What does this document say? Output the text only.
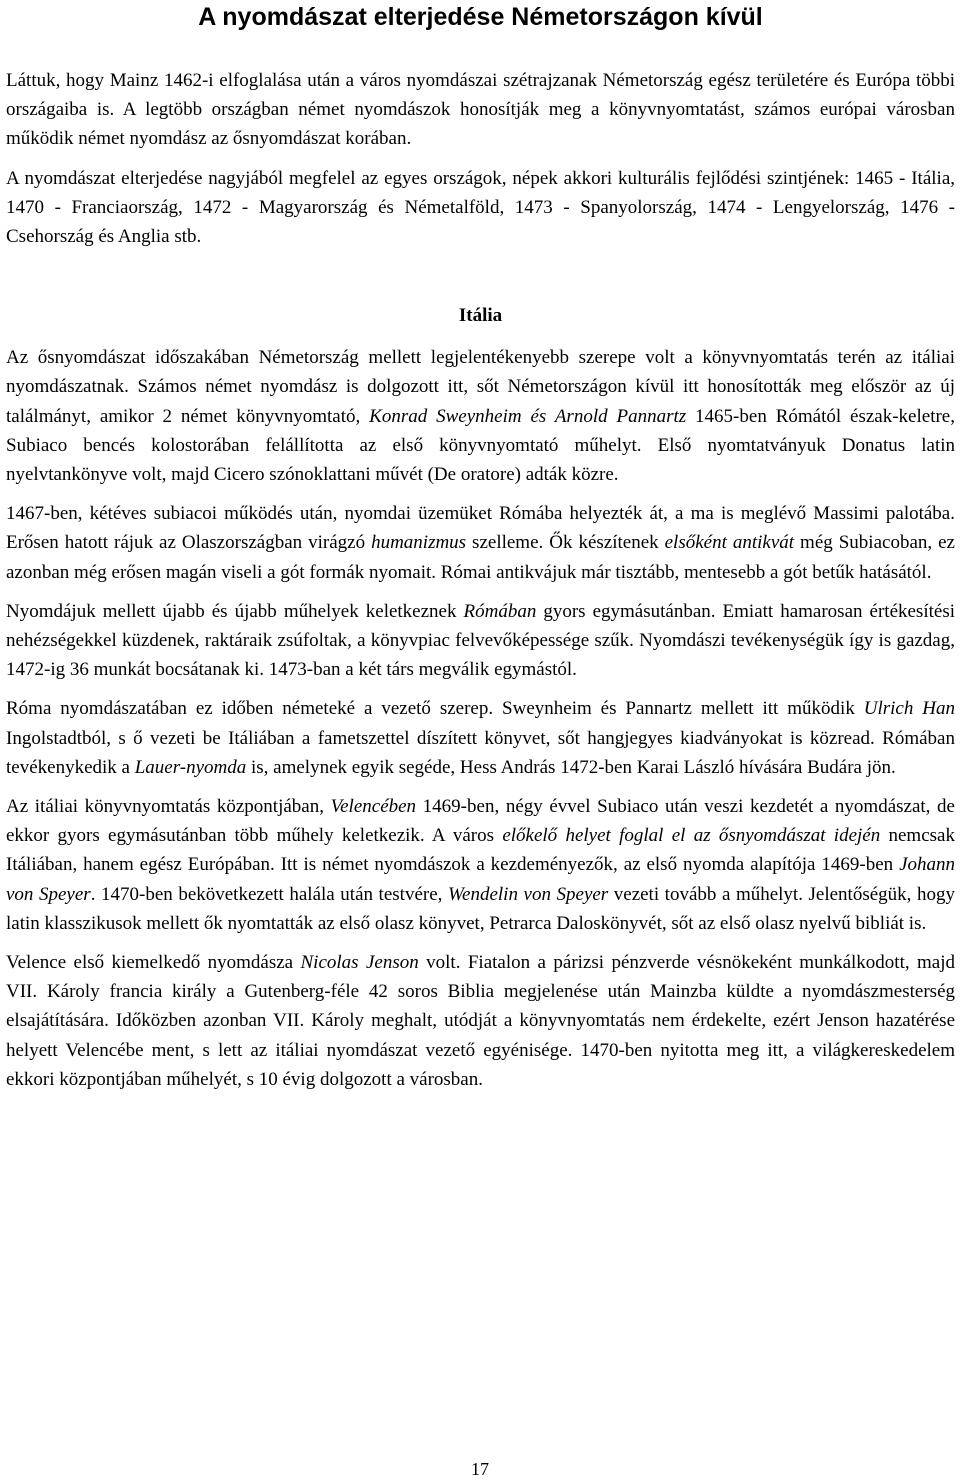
A nyomdászat elterjedése Németországon kívül

Láttuk, hogy Mainz 1462-i elfoglalása után a város nyomdászai szétrajzanak Németország egész területére és Európa többi országaiba is. A legtöbb országban német nyomdászok honosítják meg a könyvnyomtatást, számos európai városban működik német nyomdász az ősnyomdászat korában.

A nyomdászat elterjedése nagyjából megfelel az egyes országok, népek akkori kulturális fejlődési szintjének: 1465 - Itália, 1470 - Franciaország, 1472 - Magyarország és Németalföld, 1473 - Spanyolország, 1474 - Lengyelország, 1476 - Csehország és Anglia stb.

Itália

Az ősnyomdászat időszakában Németország mellett legjelentékenyebb szerepe volt a könyvnyomtatás terén az itáliai nyomdászatnak. Számos német nyomdász is dolgozott itt, sőt Németországon kívül itt honosították meg először az új találmányt, amikor 2 német könyvnyomtató, Konrad Sweynheim és Arnold Pannartz 1465-ben Rómától észak-keletre, Subiaco bencés kolostorában felállította az első könyvnyomtató műhelyt. Első nyomtatványuk Donatus latin nyelvtankönyve volt, majd Cicero szónoklattani művét (De oratore) adták közre.

1467-ben, kétéves subiacoi működés után, nyomdai üzemüket Rómába helyezték át, a ma is meglévő Massimi palotába. Erősen hatott rájuk az Olaszországban virágzó humanizmus szelleme. Ők készítenek elsőként antikvát még Subiacoban, ez azonban még erősen magán viseli a gót formák nyomait. Római antikvájuk már tisztább, mentesebb a gót betűk hatásától.

Nyomdájuk mellett újabb és újabb műhelyek keletkeznek Rómában gyors egymásutánban. Emiatt hamarosan értékesítési nehézségekkel küzdenek, raktáraik zsúfoltak, a könyvpiac felvevőképessége szűk. Nyomdászi tevékenységük így is gazdag, 1472-ig 36 munkát bocsátanak ki. 1473-ban a két társ megválik egymástól.

Róma nyomdászatában ez időben németeké a vezető szerep. Sweynheim és Pannartz mellett itt működik Ulrich Han Ingolstadtból, s ő vezeti be Itáliában a fametszettel díszített könyvet, sőt hangjegyes kiadványokat is közread. Rómában tevékenykedik a Lauer-nyomda is, amelynek egyik segéde, Hess András 1472-ben Karai László hívására Budára jön.

Az itáliai könyvnyomtatás központjában, Velencében 1469-ben, négy évvel Subiaco után veszi kezdetét a nyomdászat, de ekkor gyors egymásutánban több műhely keletkezik. A város előkelő helyet foglal el az ősnyomdászat idején nemcsak Itáliában, hanem egész Európában. Itt is német nyomdászok a kezdeményezők, az első nyomda alapítója 1469-ben Johann von Speyer. 1470-ben bekövetkezett halála után testvére, Wendelin von Speyer vezeti tovább a műhelyt. Jelentőségük, hogy latin klasszikusok mellett ők nyomtatták az első olasz könyvet, Petrarca Daloskönyvét, sőt az első olasz nyelvű bibliát is.

Velence első kiemelkedő nyomdásza Nicolas Jenson volt. Fiatalon a párizsi pénzverde vésnökeként munkálkodott, majd VII. Károly francia király a Gutenberg-féle 42 soros Biblia megjelenése után Mainzba küldte a nyomdászmesterség elsajátítására. Időközben azonban VII. Károly meghalt, utódját a könyvnyomtatás nem érdekelte, ezért Jenson hazatérése helyett Velencébe ment, s lett az itáliai nyomdászat vezető egyénisége. 1470-ben nyitotta meg itt, a világkereskedelem ekkori központjában műhelyét, s 10 évig dolgozott a városban.

17
